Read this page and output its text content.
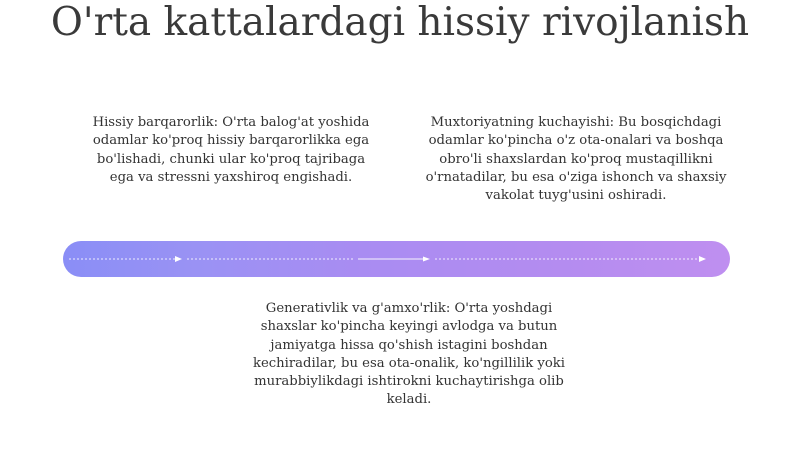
O'rta kattalardagi hissiy rivojlanish
Hissiy barqarorlik: O'rta balog'at yoshida odamlar ko'proq hissiy barqarorlikka ega bo'lishadi, chunki ular ko'proq tajribaga ega va stressni yaxshiroq engishadi.
Muxtoriyatning kuchayishi: Bu bosqichdagi odamlar ko'pincha o'z ota-onalari va boshqa obro'li shaxslardan ko'proq mustaqillikni o'rnatadilar, bu esa o'ziga ishonch va shaxsiy vakolat tuyg'usini oshiradi.
Generativlik va g'amxo'rlik: O'rta yoshdagi shaxslar ko'pincha keyingi avlodga va butun jamiyatga hissa qo'shish istagini boshdan kechiradilar, bu esa ota-onalik, ko'ngillilik yoki murabbiylikdagi ishtirokni kuchaytirishga olib keladi.
